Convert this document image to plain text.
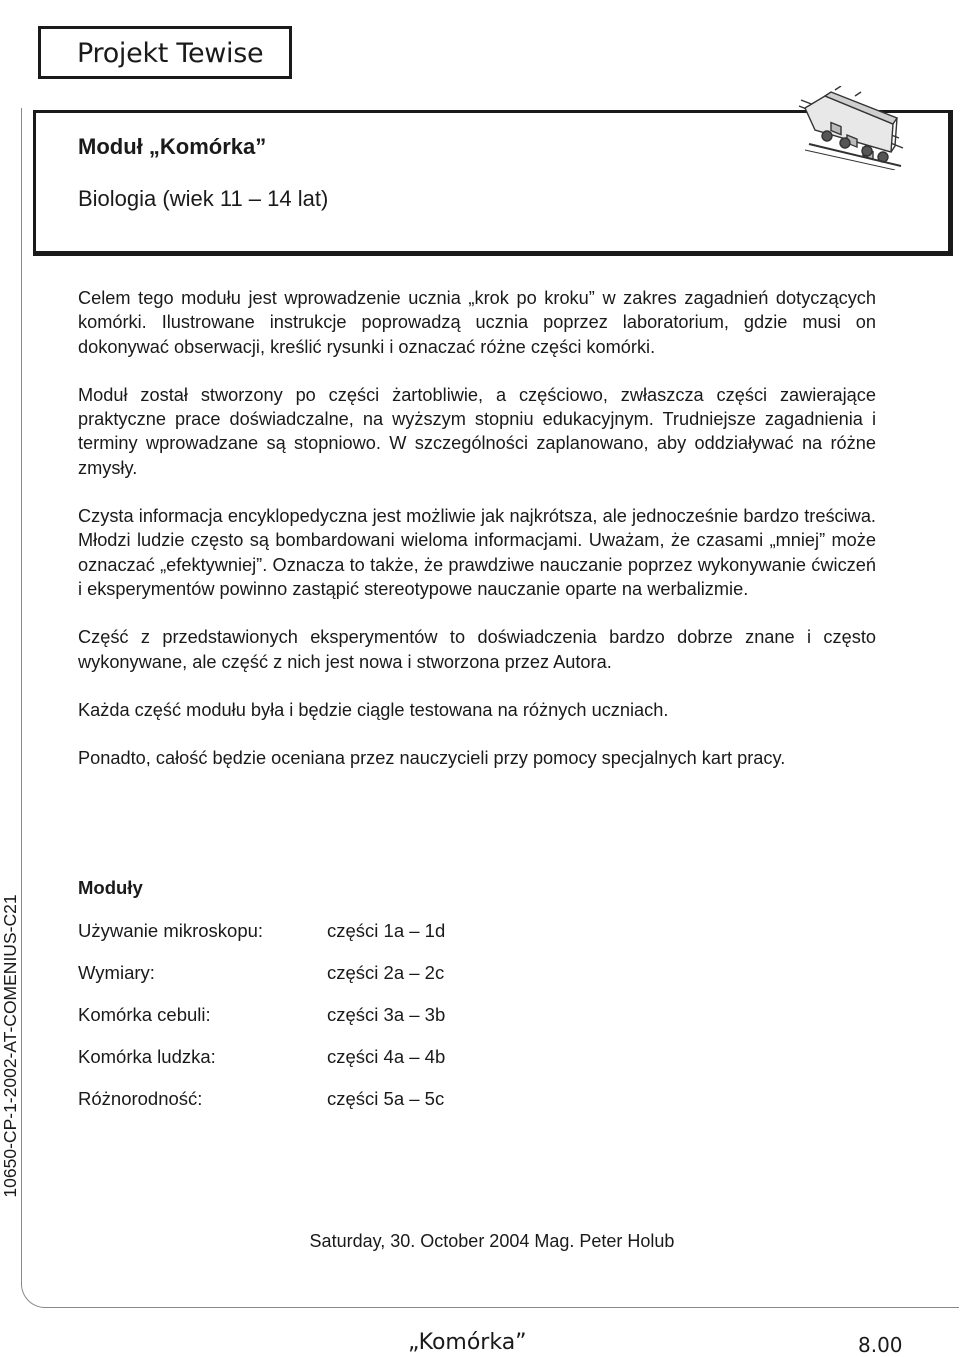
Projekt Tewise
Moduł „Komórka”
Biologia (wiek 11 – 14 lat)

Celem tego modułu jest wprowadzenie ucznia „krok po kroku” w zakres zagadnień dotyczących komórki. Ilustrowane instrukcje poprowadzą ucznia poprzez laboratorium, gdzie musi on dokonywać obserwacji, kreślić rysunki i oznaczać różne części komórki.

Moduł został stworzony po części żartobliwie, a częściowo, zwłaszcza części zawierające praktyczne prace doświadczalne, na wyższym stopniu edukacyjnym. Trudniejsze zagadnienia i terminy wprowadzane są stopniowo. W szczególności zaplanowano, aby oddziaływać na różne zmysły.

Czysta informacja encyklopedyczna jest możliwie jak najkrótsza, ale jednocześnie bardzo treściwa. Młodzi ludzie często są bombardowani wieloma informacjami. Uważam, że czasami „mniej” może oznaczać „efektywniej”. Oznacza to także, że prawdziwe nauczanie poprzez wykonywanie ćwiczeń i eksperymentów powinno zastąpić stereotypowe nauczanie oparte na werbalizmie.

Część z przedstawionych eksperymentów to doświadczenia bardzo dobrze znane i często wykonywane, ale część z nich jest nowa i stworzona przez Autora.

Każda część modułu była i będzie ciągle testowana na różnych uczniach.

Ponadto, całość będzie oceniana przez nauczycieli przy pomocy specjalnych kart pracy.

Moduły
Używanie mikroskopu:	części 1a – 1d
Wymiary:	części 2a – 2c
Komórka cebuli:	części 3a – 3b
Komórka ludzka:	części 4a – 4b
Różnorodność:	części 5a – 5c
10650-CP-1-2002-AT-COMENIUS-C21
Saturday, 30. October 2004 Mag. Peter Holub
„Komórka”	8.00
